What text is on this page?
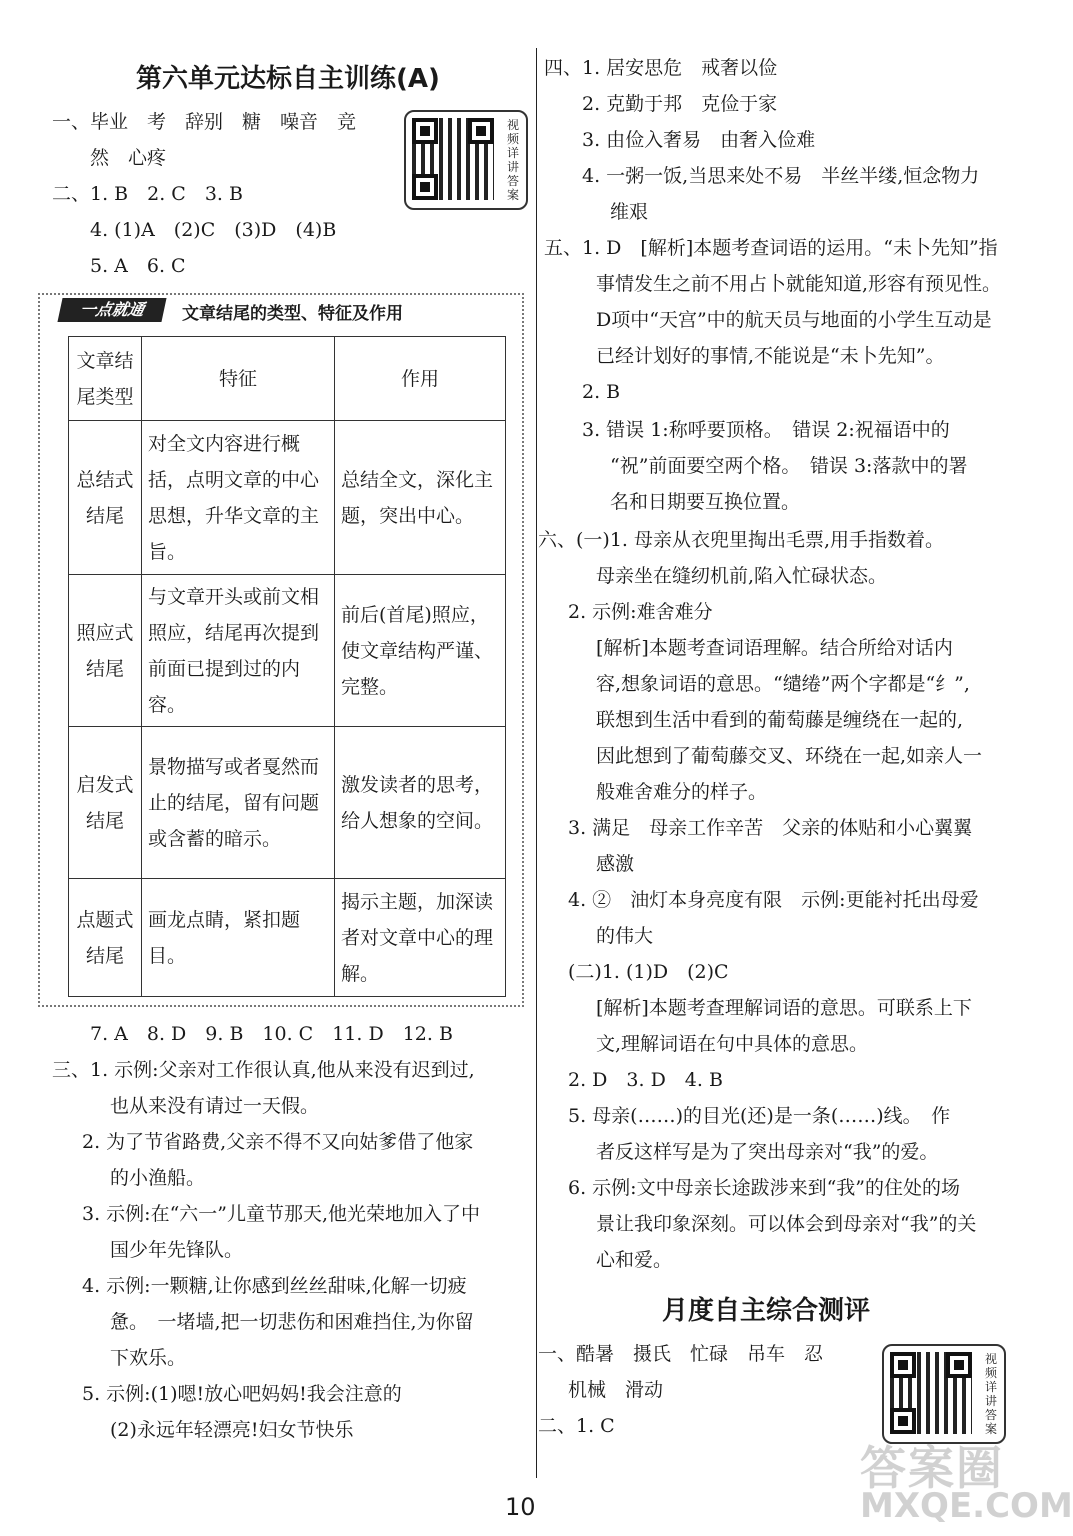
第六单元达标自主训练(A)
一、毕业　考　辞别　糖　噪音　竞
然　心疼
二、1. B　2. C　3. B
4. (1)A　(2)C　(3)D　(4)B
5. A　6. C
视频详讲答案
一点就通	文章结尾的类型、特征及作用
文章结尾类型	特征	作用
总结式结尾	对全文内容进行概括，点明文章的中心思想，升华文章的主旨。	总结全文，深化主题，突出中心。
照应式结尾	与文章开头或前文相照应，结尾再次提到前面已提到过的内容。	前后(首尾)照应，使文章结构严谨、完整。
启发式结尾	景物描写或者戛然而止的结尾，留有问题或含蓄的暗示。	激发读者的思考，给人想象的空间。
点题式结尾	画龙点睛，紧扣题目。	揭示主题，加深读者对文章中心的理解。
7. A　8. D　9. B　10. C　11. D　12. B
三、1. 示例:父亲对工作很认真,他从来没有迟到过,
也从来没有请过一天假。
2. 为了节省路费,父亲不得不又向姑爹借了他家
的小渔船。
3. 示例:在“六一”儿童节那天,他光荣地加入了中
国少年先锋队。
4. 示例:一颗糖,让你感到丝丝甜味,化解一切疲
惫。　一堵墙,把一切悲伤和困难挡住,为你留
下欢乐。
5. 示例:(1)嗯!放心吧妈妈!我会注意的
(2)永远年轻漂亮!妇女节快乐
四、1. 居安思危　戒奢以俭
2. 克勤于邦　克俭于家
3. 由俭入奢易　由奢入俭难
4. 一粥一饭,当思来处不易　半丝半缕,恒念物力
维艰
五、1. D　[解析]本题考查词语的运用。“未卜先知”指
事情发生之前不用占卜就能知道,形容有预见性。
D项中“天宫”中的航天员与地面的小学生互动是
已经计划好的事情,不能说是“未卜先知”。
2. B
3. 错误 1:称呼要顶格。　错误 2:祝福语中的
“祝”前面要空两个格。　错误 3:落款中的署
名和日期要互换位置。
六、(一)1. 母亲从衣兜里掏出毛票,用手指数着。
母亲坐在缝纫机前,陷入忙碌状态。
2. 示例:难舍难分
[解析]本题考查词语理解。结合所给对话内
容,想象词语的意思。“缱绻”两个字都是“纟”,
联想到生活中看到的葡萄藤是缠绕在一起的,
因此想到了葡萄藤交叉、环绕在一起,如亲人一
般难舍难分的样子。
3. 满足　母亲工作辛苦　父亲的体贴和小心翼翼
感激
4. ②　油灯本身亮度有限　示例:更能衬托出母爱
的伟大
(二)1. (1)D　(2)C
[解析]本题考查理解词语的意思。可联系上下
文,理解词语在句中具体的意思。
2. D　3. D　4. B
5. 母亲(……)的目光(还)是一条(……)线。　作
者反这样写是为了突出母亲对“我”的爱。
6. 示例:文中母亲长途跋涉来到“我”的住处的场
景让我印象深刻。可以体会到母亲对“我”的关
心和爱。
月度自主综合测评
一、酷暑　摄氏　忙碌　吊车　忍
机械　滑动
二、1. C
视频详讲答案
10
答案圈
MXQE.COM
